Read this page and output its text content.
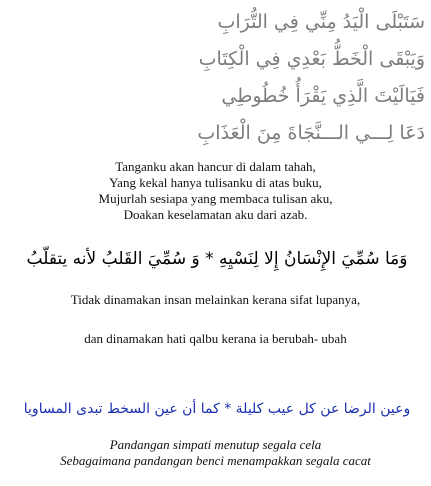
سَتَبْلَى الْيَدُ مِنِّي فِي التُّرَابِ
وَيَبْقَى الْخَطُّ بَعْدِي فِي الْكِتَابِ
فَيَالَيْتَ الَّذِي يَقْرَأُ خُطُوطِي
دَعَا لِـــي الـــنَّجَاةَ مِنَ الْعَذَابِ
Tanganku akan hancur di dalam tahah,
Yang kekal hanya tulisanku di atas buku,
Mujurlah sesiapa yang membaca tulisan aku,
Doakan keselamatan aku dari azab.
وَمَا سُمِّيَ الإِنْسَانُ إِلا لِنَسْيِهِ * وَ سُمِّيَ القَلبُ لأنه يتقلّبُ
Tidak dinamakan insan melainkan kerana sifat lupanya,
dan dinamakan hati qalbu kerana ia berubah- ubah
وعين الرضا عن كل عيب كليلة * كما أن عين السخط تبدى المساويا
Pandangan simpati menutup segala cela
Sebagaimana pandangan benci menampakkan segala cacat
